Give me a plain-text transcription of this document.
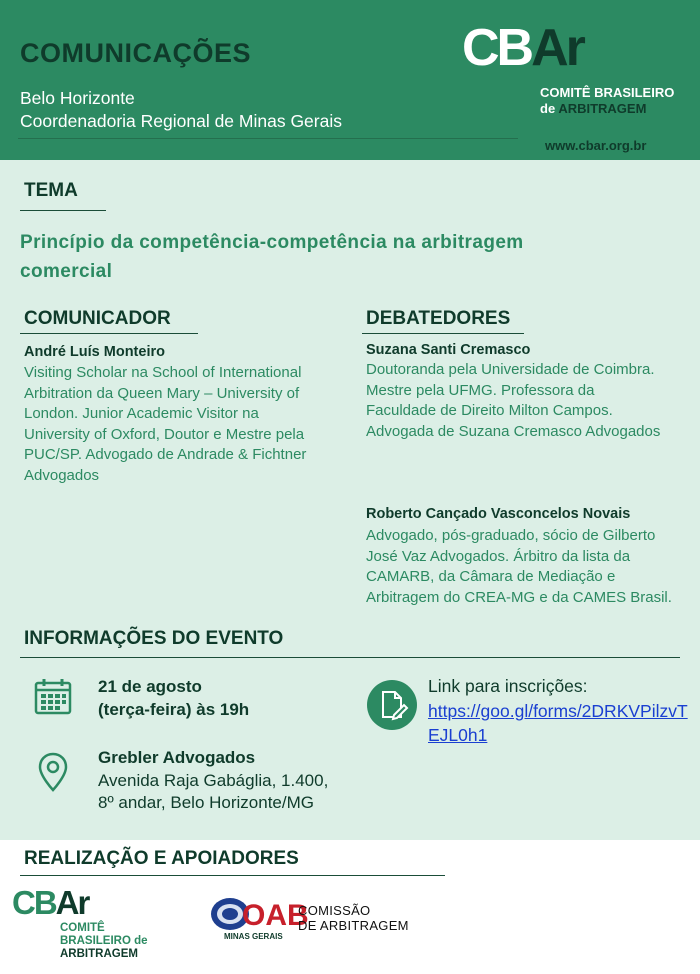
COMUNICAÇÕES
Belo Horizonte
Coordenadoria Regional de Minas Gerais
CBAr
COMITÊ BRASILEIRO
de ARBITRAGEM
www.cbar.org.br
TEMA
Princípio da competência-competência na arbitragem comercial
COMUNICADOR
André Luís Monteiro
Visiting Scholar na School of International Arbitration da Queen Mary – University of London. Junior Academic Visitor na University of Oxford, Doutor e Mestre pela PUC/SP. Advogado de Andrade & Fichtner Advogados
DEBATEDORES
Suzana Santi Cremasco
Doutoranda pela Universidade de Coimbra. Mestre pela UFMG. Professora da Faculdade de Direito Milton Campos. Advogada de Suzana Cremasco Advogados
Roberto Cançado Vasconcelos Novais
Advogado, pós-graduado, sócio de Gilberto José Vaz Advogados. Árbitro da lista da CAMARB, da Câmara de Mediação e Arbitragem do CREA-MG e da CAMES Brasil.
INFORMAÇÕES DO EVENTO
21 de agosto
(terça-feira) às 19h
Grebler Advogados
Avenida Raja Gabáglia, 1.400, 8º andar, Belo Horizonte/MG
Link para inscrições:
https://goo.gl/forms/2DRKVPilzvTEJL0h1
REALIZAÇÃO E APOIADORES
CBAr
COMITÊ
BRASILEIRO de
ARBITRAGEM
OAB
MINAS GERAIS
COMISSÃO
DE ARBITRAGEM
